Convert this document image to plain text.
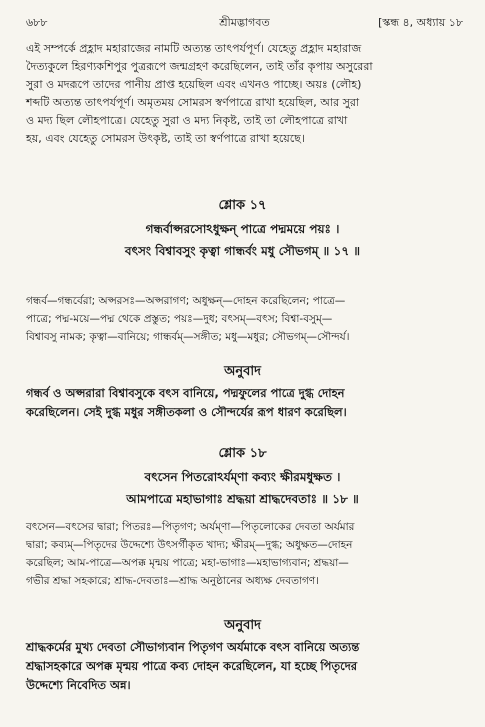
৬৮৮	শ্রীমদ্ভাগবত	[স্কন্ধ ৪, অধ্যায় ১৮
এই সম্পর্কে প্রহ্লাদ মহারাজের নামটি অত্যন্ত তাৎপর্যপূর্ণ। যেহেতু প্রহ্লাদ মহারাজ
দৈত্যকুলে হিরণ্যকশিপুর পুত্ররূপে জন্মগ্রহণ করেছিলেন, তাই তাঁর কৃপায় অসুরেরা
সুরা ও মদরূপে তাদের পানীয় প্রাপ্ত হয়েছিল এবং এখনও পাচ্ছে। অয়ঃ (লৌহ)
শব্দটি অত্যন্ত তাৎপর্যপূর্ণ। অমৃতময় সোমরস স্বর্ণপাত্রে রাখা হয়েছিল, আর সুরা
ও মদ্য ছিল লৌহপাত্রে। যেহেতু সুরা ও মদ্য নিকৃষ্ট, তাই তা লৌহপাত্রে রাখা
হয়, এবং যেহেতু সোমরস উৎকৃষ্ট, তাই তা স্বর্ণপাত্রে রাখা হয়েছে।
শ্লোক ১৭
গন্ধর্বাপ্সরসোঽধুক্ষন্ পাত্রে পদ্মময়ে পয়ঃ ।
বৎসং বিশ্বাবসুং কৃত্বা গান্ধর্বং মধু সৌভগম্ ॥ ১৭ ॥
গন্ধর্ব—গন্ধর্বেরা; অপ্সরসঃ—অপ্সরাগণ; অধুক্ষন্—দোহন করেছিলেন; পাত্রে—
পাত্রে; পদ্ম-ময়ে—পদ্ম থেকে প্রস্তুত; পয়ঃ—দুধ; বৎসম্—বৎস; বিশ্বা-বসুম্—
বিশ্বাবসু নামক; কৃত্বা—বানিয়ে; গান্ধর্বম্—সঙ্গীত; মধু—মধুর; সৌভগম্—সৌন্দর্য।
অনুবাদ
গন্ধর্ব ও অপ্সরারা বিশ্বাবসুকে বৎস বানিয়ে, পদ্মফুলের পাত্রে দুগ্ধ দোহন
করেছিলেন। সেই দুগ্ধ মধুর সঙ্গীতকলা ও সৌন্দর্যের রূপ ধারণ করেছিল।
শ্লোক ১৮
বৎসেন পিতরোঽর্যম্ণা কব্যং ক্ষীরমধুক্ষত ।
আমপাত্রে মহাভাগাঃ শ্রদ্ধয়া শ্রাদ্ধদেবতাঃ ॥ ১৮ ॥
বৎসেন—বৎসের দ্বারা; পিতরঃ—পিতৃগণ; অর্যম্ণা—পিতৃলোকের দেবতা অর্যমার
দ্বারা; কব্যম্—পিতৃদের উদ্দেশ্যে উৎসর্গীকৃত খাদ্য; ক্ষীরম্—দুগ্ধ; অধুক্ষত—দোহন
করেছিল; আম-পাত্রে—অপক্ক মৃন্ময় পাত্রে; মহা-ভাগাঃ—মহাভাগ্যবান; শ্রদ্ধয়া—
গভীর শ্রদ্ধা সহকারে; শ্রাদ্ধ-দেবতাঃ—শ্রাদ্ধ অনুষ্ঠানের অধ্যক্ষ দেবতাগণ।
অনুবাদ
শ্রাদ্ধকর্মের মুখ্য দেবতা সৌভাগ্যবান পিতৃগণ অর্যমাকে বৎস বানিয়ে অত্যন্ত
শ্রদ্ধাসহকারে অপক্ক মৃন্ময় পাত্রে কব্য দোহন করেছিলেন, যা হচ্ছে পিতৃদের
উদ্দেশ্যে নিবেদিত অন্ন।
